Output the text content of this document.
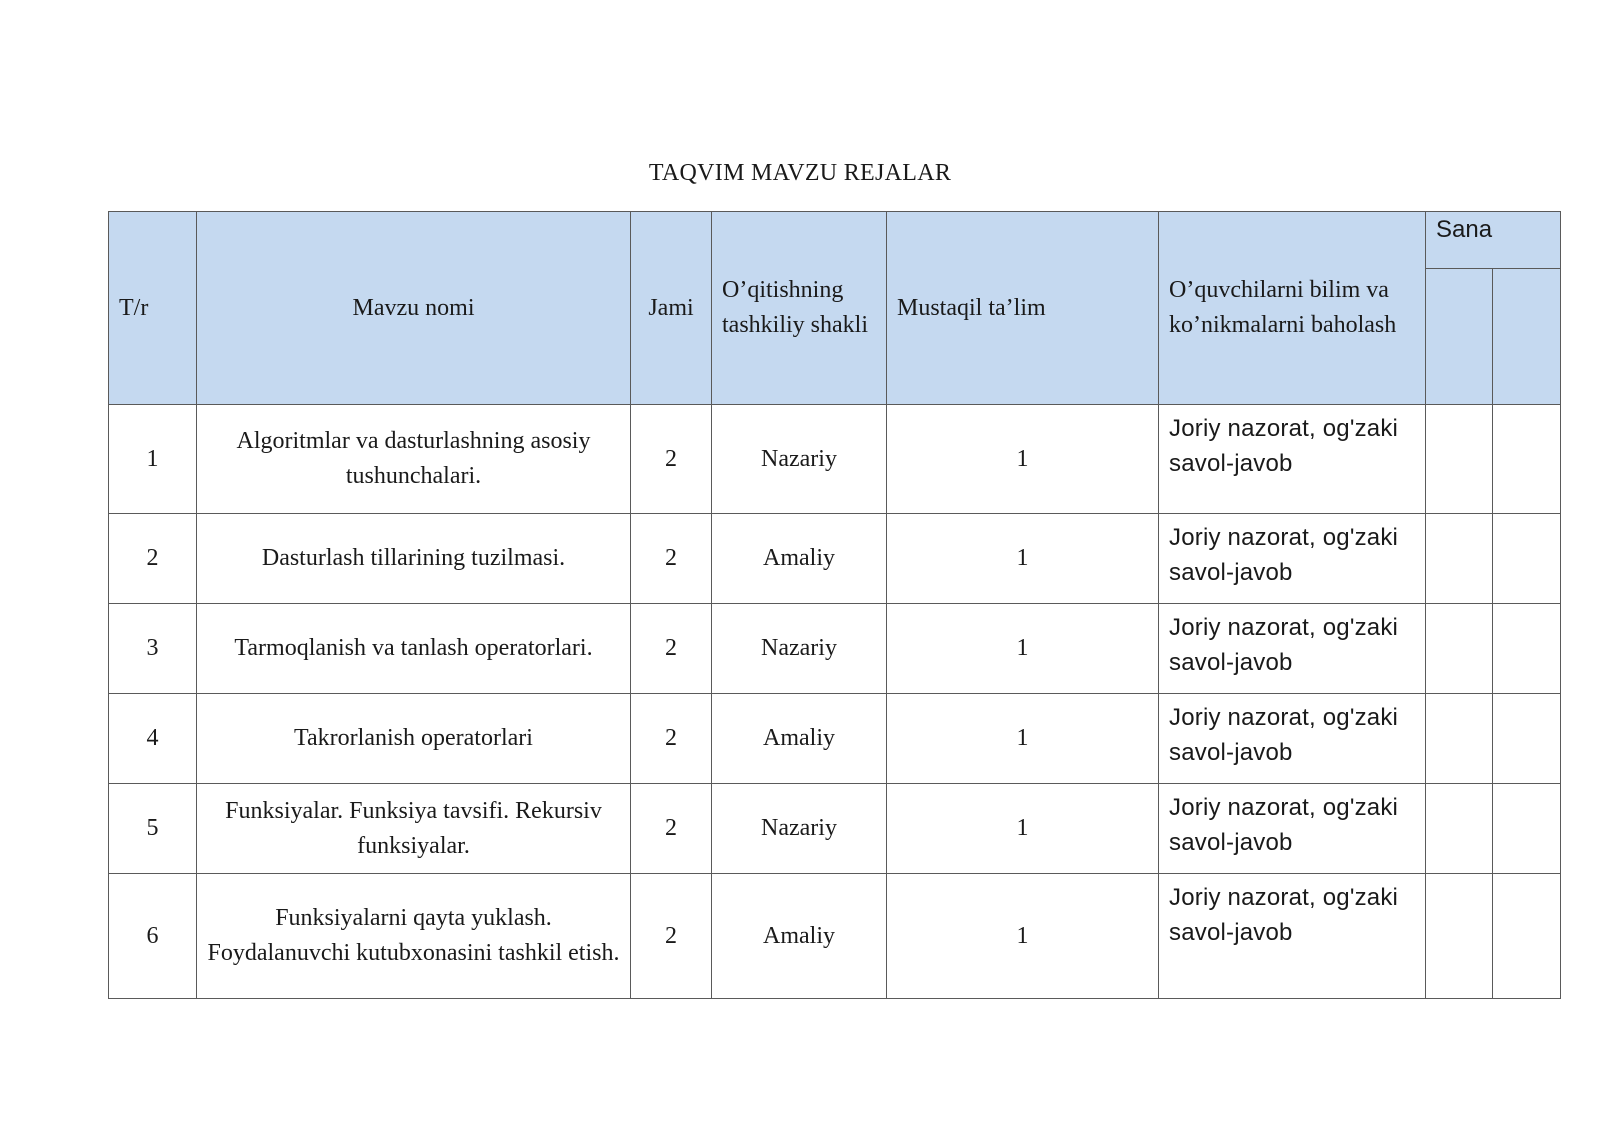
TAQVIM MAVZU REJALAR
T/r	Mavzu nomi	Jami	O’qitishning tashkiliy shakli	Mustaqil ta’lim	O’quvchilarni bilim va ko’nikmalarni baholash	Sana	

1	Algoritmlar va dasturlashning asosiy tushunchalari.	2	Nazariy	1	Joriy nazorat, og'zaki savol-javob		
2	Dasturlash tillarining tuzilmasi.	2	Amaliy	1	Joriy nazorat, og'zaki savol-javob		
3	Tarmoqlanish va tanlash operatorlari.	2	Nazariy	1	Joriy nazorat, og'zaki savol-javob		
4	Takrorlanish operatorlari	2	Amaliy	1	Joriy nazorat, og'zaki savol-javob		
5	Funksiyalar. Funksiya tavsifi. Rekursiv funksiyalar.	2	Nazariy	1	Joriy nazorat, og'zaki savol-javob		
6	Funksiyalarni qayta yuklash. Foydalanuvchi kutubxonasini tashkil etish.	2	Amaliy	1	Joriy nazorat, og'zaki savol-javob		
